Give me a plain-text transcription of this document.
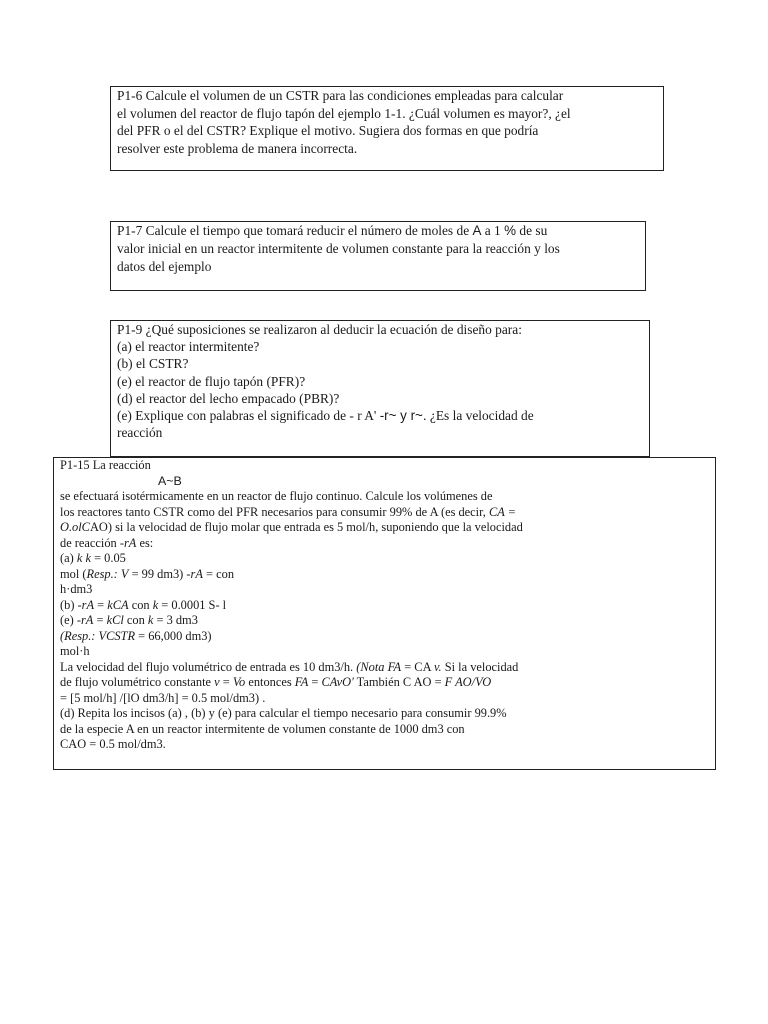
P1-6 Calcule el volumen de un CSTR para las condiciones empleadas para calcular
el volumen del reactor de flujo tapón del ejemplo 1-1. ¿Cuál volumen es mayor?, ¿el
del PFR o el del CSTR? Explique el motivo. Sugiera dos formas en que podría
resolver este problema de manera incorrecta.
P1-7 Calcule el tiempo que tomará reducir el número de moles de A a 1 % de su
valor inicial en un reactor intermitente de volumen constante para la reacción y los
datos del ejemplo
P1-9 ¿Qué suposiciones se realizaron al deducir la ecuación de diseño para:
(a) el reactor intermitente?
(b) el CSTR?
(e) el reactor de flujo tapón (PFR)?
(d) el reactor del lecho empacado (PBR)?
(e) Explique con palabras el significado de - r A' -r~ y r~. ¿Es la velocidad de
reacción
P1-15 La reacción
A~B
se efectuará isotérmicamente en un reactor de flujo continuo. Calcule los volúmenes de
los reactores tanto CSTR como del PFR necesarios para consumir 99% de A (es decir, CA =
O.olCAO) si la velocidad de flujo molar que entrada es 5 mol/h, suponiendo que la velocidad
de reacción -rA es:
(a) k k = 0.05
mol (Resp.: V = 99 dm3) -rA = con
h·dm3
(b) -rA = kCA con k = 0.0001 S- l
(e) -rA = kCl con k = 3 dm3
(Resp.: VCSTR = 66,000 dm3)
mol·h
La velocidad del flujo volumétrico de entrada es 10 dm3/h. (Nota FA = CA v. Si la velocidad
de flujo volumétrico constante v = Vo entonces FA = CAvO' También C AO = F AO/VO
= [5 mol/h] /[lO dm3/h] = 0.5 mol/dm3) .
(d) Repita los incisos (a) , (b) y (e) para calcular el tiempo necesario para consumir 99.9%
de la especie A en un reactor intermitente de volumen constante de 1000 dm3 con
CAO = 0.5 mol/dm3.
